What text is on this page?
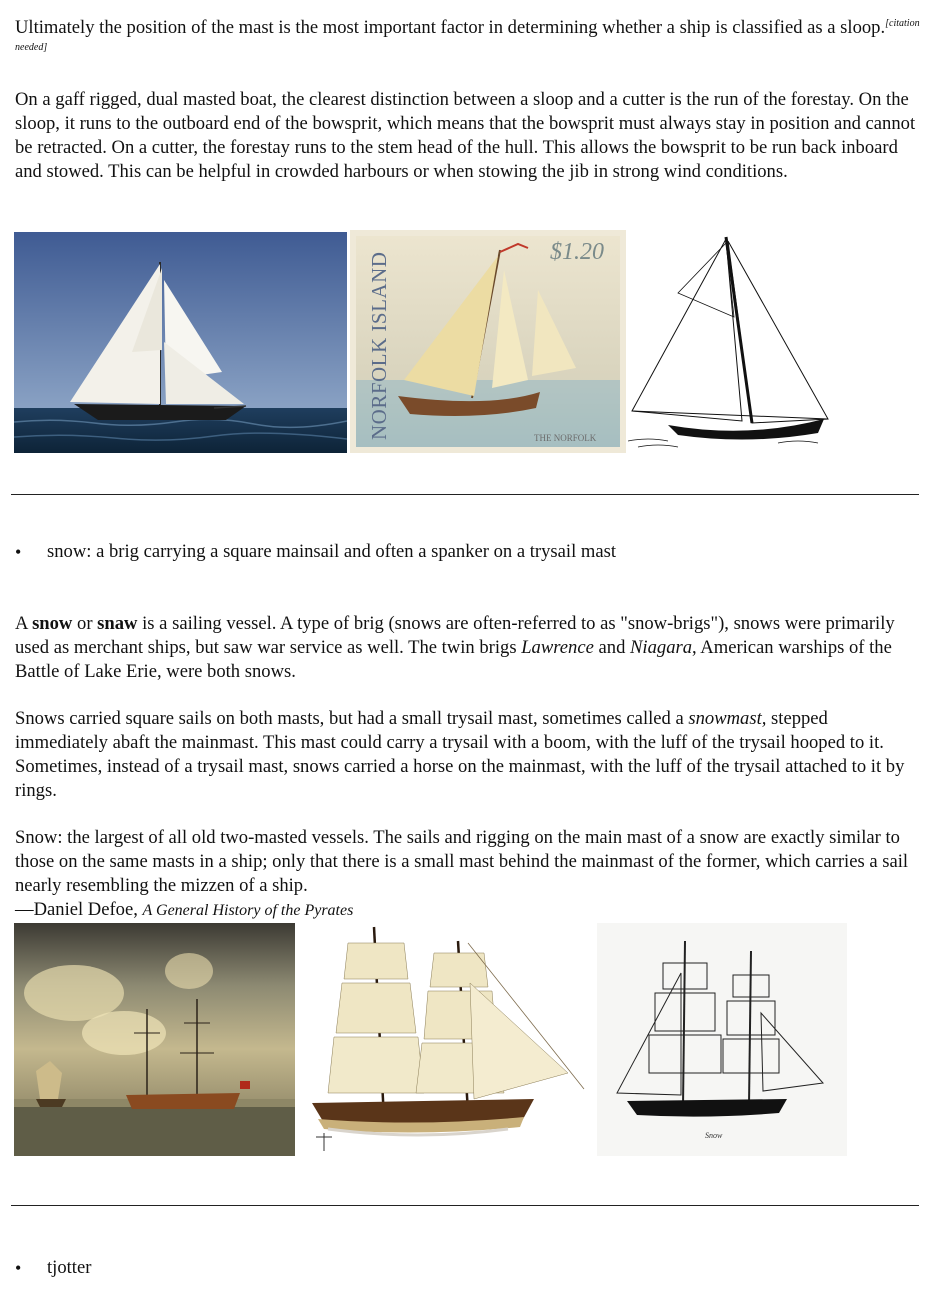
Ultimately the position of the mast is the most important factor in determining whether a ship is classified as a sloop.[citation needed]

On a gaff rigged, dual masted boat, the clearest distinction between a sloop and a cutter is the run of the forestay. On the sloop, it runs to the outboard end of the bowsprit, which means that the bowsprit must always stay in position and cannot be retracted. On a cutter, the forestay runs to the stem head of the hull. This allows the bowsprit to be run back inboard and stowed. This can be helpful in crowded harbours or when stowing the jib in strong wind conditions.

NORFOLK ISLAND	$1.20
THE NORFOLK
• snow: a brig carrying a square mainsail and often a spanker on a trysail mast

A snow or snaw is a sailing vessel. A type of brig (snows are often-referred to as "snow-brigs"), snows were primarily used as merchant ships, but saw war service as well. The twin brigs Lawrence and Niagara, American warships of the Battle of Lake Erie, were both snows.

Snows carried square sails on both masts, but had a small trysail mast, sometimes called a snowmast, stepped immediately abaft the mainmast. This mast could carry a trysail with a boom, with the luff of the trysail hooped to it. Sometimes, instead of a trysail mast, snows carried a horse on the mainmast, with the luff of the trysail attached to it by rings.

Snow: the largest of all old two-masted vessels. The sails and rigging on the main mast of a snow are exactly similar to those on the same masts in a ship; only that there is a small mast behind the mainmast of the former, which carries a sail nearly resembling the mizzen of a ship.

—Daniel Defoe, A General History of the Pyrates

Snow
• tjotter
